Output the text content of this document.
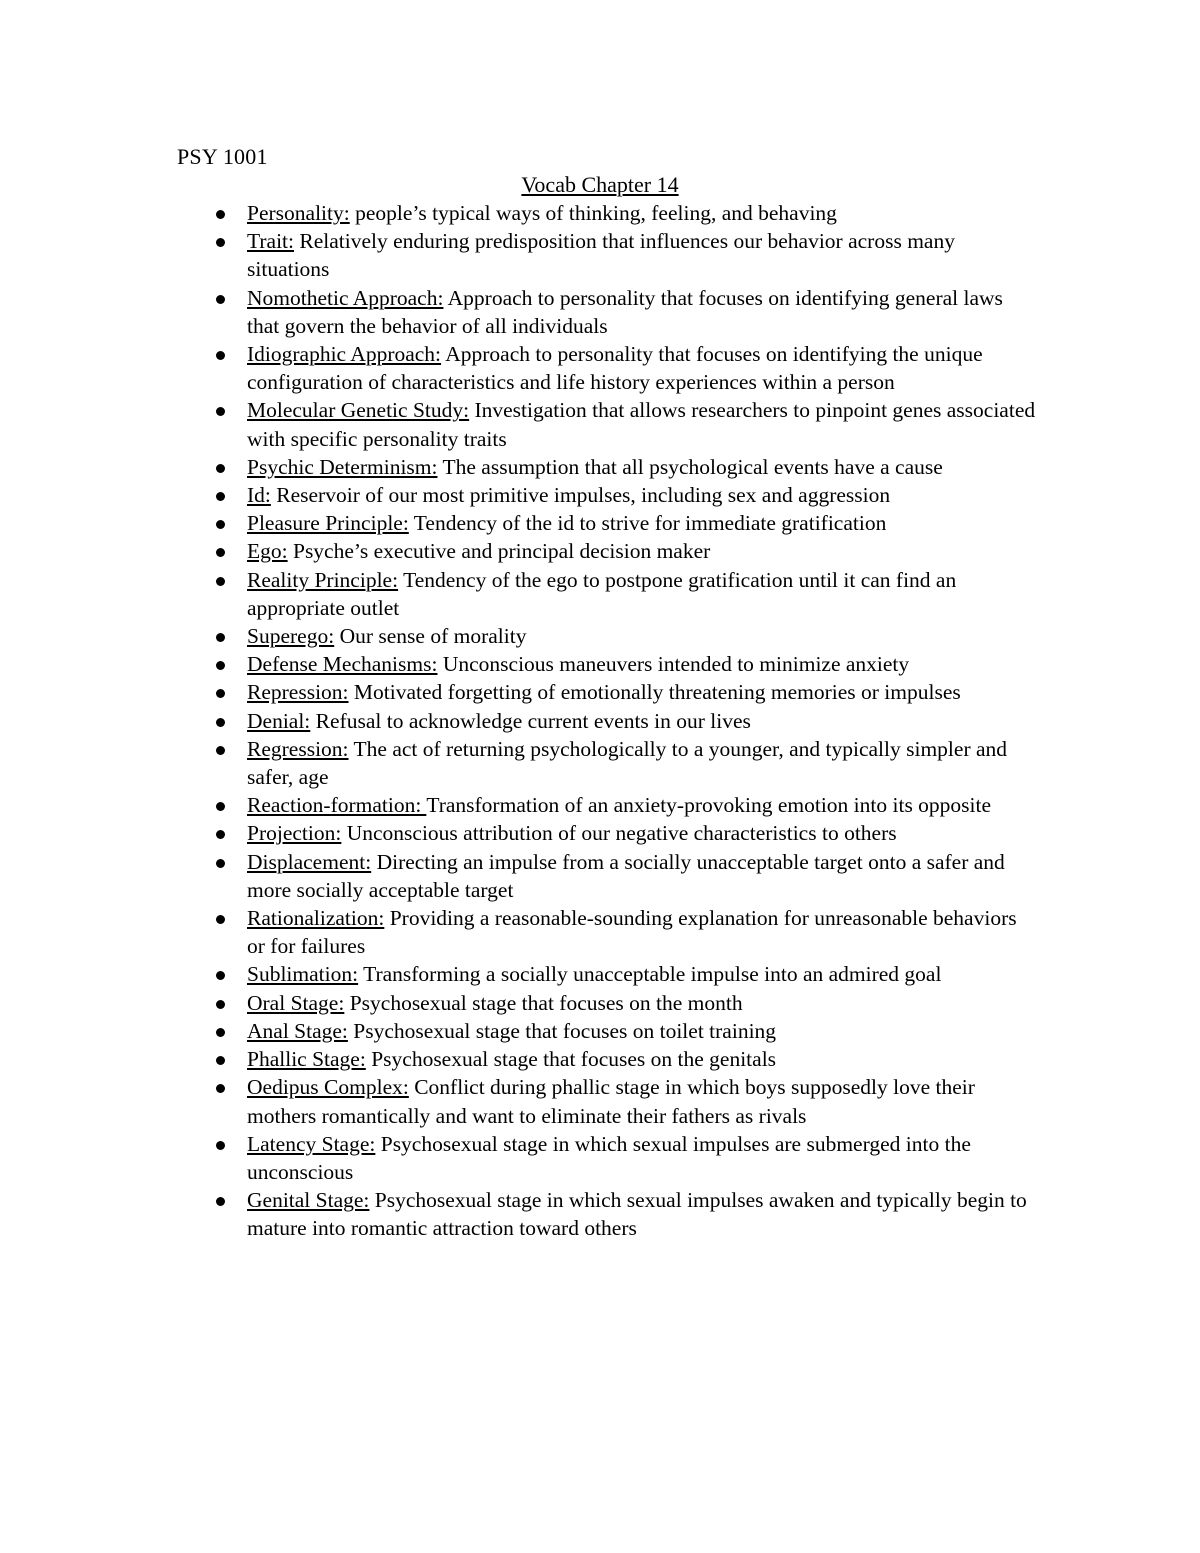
PSY 1001
Vocab Chapter 14
Personality: people’s typical ways of thinking, feeling, and behaving
Trait: Relatively enduring predisposition that influences our behavior across many situations
Nomothetic Approach: Approach to personality that focuses on identifying general laws that govern the behavior of all individuals
Idiographic Approach: Approach to personality that focuses on identifying the unique configuration of characteristics and life history experiences within a person
Molecular Genetic Study: Investigation that allows researchers to pinpoint genes associated with specific personality traits
Psychic Determinism: The assumption that all psychological events have a cause
Id: Reservoir of our most primitive impulses, including sex and aggression
Pleasure Principle: Tendency of the id to strive for immediate gratification
Ego: Psyche’s executive and principal decision maker
Reality Principle: Tendency of the ego to postpone gratification until it can find an appropriate outlet
Superego: Our sense of morality
Defense Mechanisms: Unconscious maneuvers intended to minimize anxiety
Repression: Motivated forgetting of emotionally threatening memories or impulses
Denial: Refusal to acknowledge current events in our lives
Regression: The act of returning psychologically to a younger, and typically simpler and safer, age
Reaction-formation: Transformation of an anxiety-provoking emotion into its opposite
Projection: Unconscious attribution of our negative characteristics to others
Displacement: Directing an impulse from a socially unacceptable target onto a safer and more socially acceptable target
Rationalization: Providing a reasonable-sounding explanation for unreasonable behaviors or for failures
Sublimation: Transforming a socially unacceptable impulse into an admired goal
Oral Stage: Psychosexual stage that focuses on the month
Anal Stage: Psychosexual stage that focuses on toilet training
Phallic Stage: Psychosexual stage that focuses on the genitals
Oedipus Complex: Conflict during phallic stage in which boys supposedly love their mothers romantically and want to eliminate their fathers as rivals
Latency Stage: Psychosexual stage in which sexual impulses are submerged into the unconscious
Genital Stage: Psychosexual stage in which sexual impulses awaken and typically begin to mature into romantic attraction toward others
